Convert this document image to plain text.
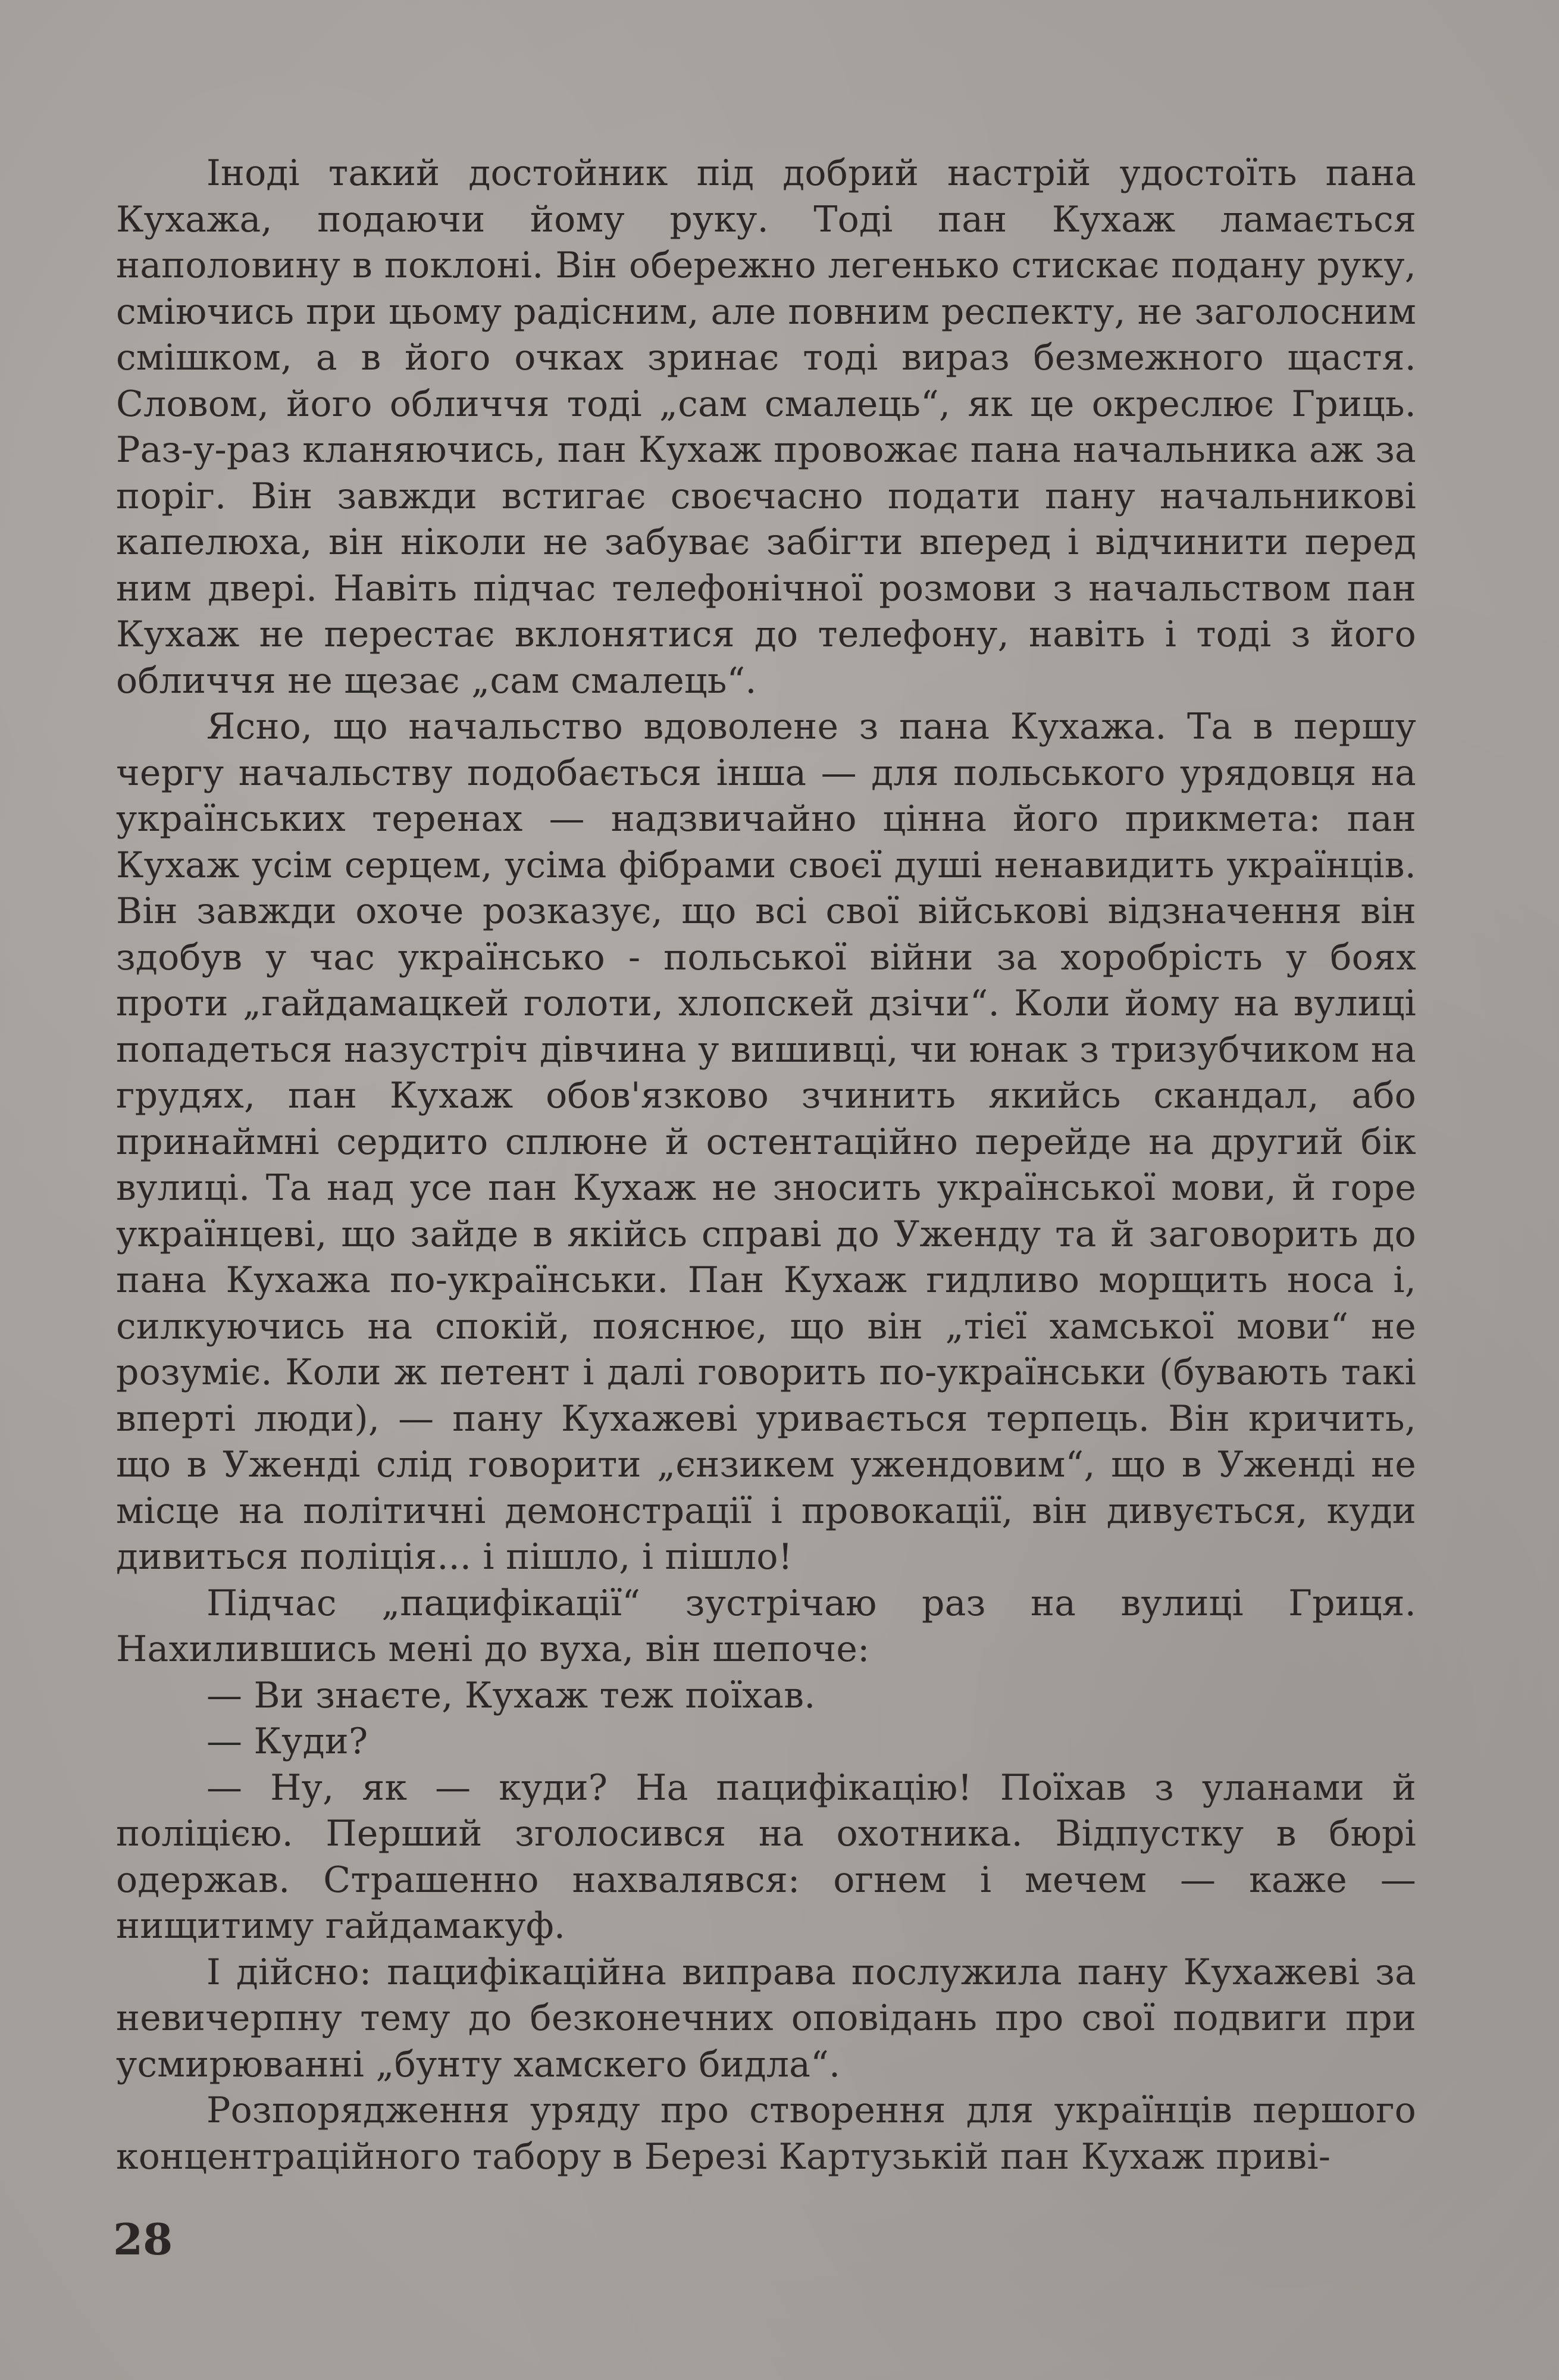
Іноді такий достойник під добрий настрій удостоїть пана Кухажа, подаючи йому руку. Тоді пан Кухаж ламається наполовину в поклоні. Він обережно легенько стискає подану руку, сміючись при цьому радісним, але повним респекту, не заголосним смішком, а в його очках зринає тоді вираз безмежного щастя. Словом, його обличчя тоді „сам смалець“, як це окреслює Гриць. Раз-у-раз кланяючись, пан Кухаж провожає пана начальника аж за поріг. Він завжди встигає своєчасно подати пану начальникові капелюха, він ніколи не забуває забігти вперед і відчинити перед ним двері. Навіть підчас телефонічної розмови з начальством пан Кухаж не перестає вклонятися до телефону, навіть і тоді з його обличчя не щезає „сам смалець“.

Ясно, що начальство вдоволене з пана Кухажа. Та в першу чергу начальству подобається інша — для польського урядовця на українських теренах — надзвичайно цінна його прикмета: пан Кухаж усім серцем, усіма фібрами своєї душі ненавидить українців. Він завжди охоче розказує, що всі свої військові відзначення він здобув у час українсько - польської війни за хоробрість у боях проти „гайдамацкей голоти, хлопскей дзічи“. Коли йому на вулиці попадеться назустріч дівчина у вишивці, чи юнак з тризубчиком на грудях, пан Кухаж обов'язково зчинить якийсь скандал, або принаймні сердито сплюне й остентаційно перейде на другий бік вулиці. Та над усе пан Кухаж не зносить української мови, й горе українцеві, що зайде в якійсь справі до Уженду та й заговорить до пана Кухажа по-українськи. Пан Кухаж гидливо морщить носа і, силкуючись на спокій, пояснює, що він „тієї хамської мови“ не розуміє. Коли ж петент і далі говорить по-українськи (бувають такі вперті люди), — пану Кухажеві уривається терпець. Він кричить, що в Уженді слід говорити „єнзикем ужендовим“, що в Уженді не місце на політичні демонстрації і провокації, він дивується, куди дивиться поліція... і пішло, і пішло!

Підчас „пацифікації“ зустрічаю раз на вулиці Гриця. Нахилившись мені до вуха, він шепоче:

— Ви знаєте, Кухаж теж поїхав.

— Куди?

— Ну, як — куди? На пацифікацію! Поїхав з уланами й поліцією. Перший зголосився на охотника. Відпустку в бюрі одержав. Страшенно нахвалявся: огнем і мечем — каже — нищитиму гайдамакуф.

І дійсно: пацифікаційна виправа послужила пану Кухажеві за невичерпну тему до безконечних оповідань про свої подвиги при усмирюванні „бунту хамскего бидла“.

Розпорядження уряду про створення для українців першого концентраційного табору в Березі Картузькій пан Кухаж приві-

28
